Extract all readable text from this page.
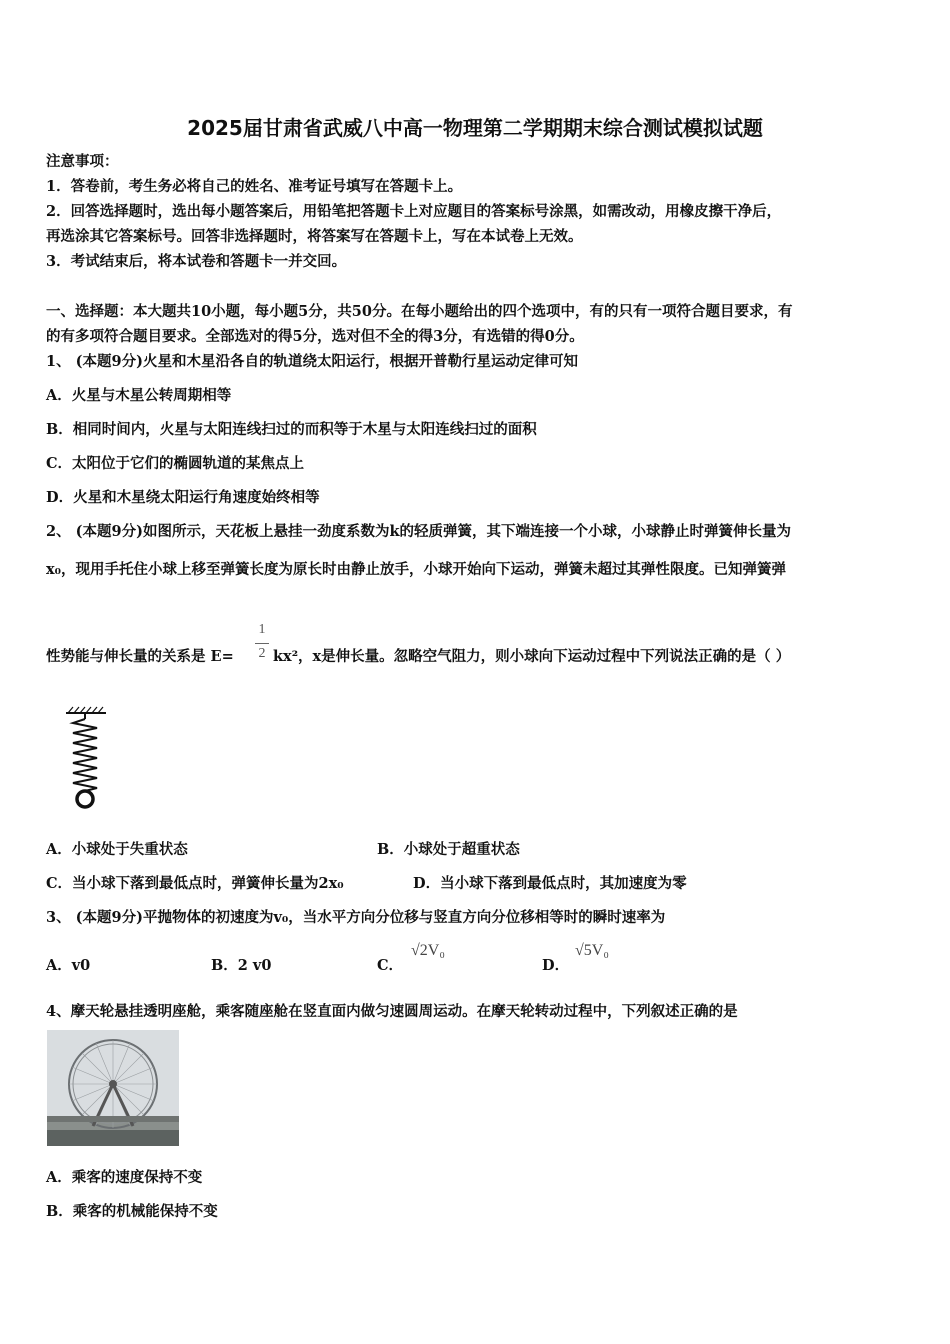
2025届甘肃省武威八中高一物理第二学期期末综合测试模拟试题
注意事项：
1．答卷前，考生务必将自己的姓名、准考证号填写在答题卡上。
2．回答选择题时，选出每小题答案后，用铅笔把答题卡上对应题目的答案标号涂黑，如需改动，用橡皮擦干净后，
再选涂其它答案标号。回答非选择题时，将答案写在答题卡上，写在本试卷上无效。
3．考试结束后，将本试卷和答题卡一并交回。
一、选择题：本大题共10小题，每小题5分，共50分。在每小题给出的四个选项中，有的只有一项符合题目要求，有
的有多项符合题目要求。全部选对的得5分，选对但不全的得3分，有选错的得0分。
1、 (本题9分)火星和木星沿各自的轨道绕太阳运行，根据开普勒行星运动定律可知
A．火星与木星公转周期相等
B．相同时间内，火星与太阳连线扫过的而积等于木星与太阳连线扫过的面积
C．太阳位于它们的椭圆轨道的某焦点上
D．火星和木星绕太阳运行角速度始终相等
2、 (本题9分)如图所示，天花板上悬挂一劲度系数为k的轻质弹簧，其下端连接一个小球，小球静止时弹簧伸长量为
x₀，现用手托住小球上移至弹簧长度为原长时由静止放手，小球开始向下运动，弹簧未超过其弹性限度。已知弹簧弹
性势能与伸长量的关系是 E=
1
2 kx²，x是伸长量。忽略空气阻力，则小球向下运动过程中下列说法正确的是（ ）
A．小球处于失重状态	B．小球处于超重状态
C．当小球下落到最低点时，弹簧伸长量为2x₀	D．当小球下落到最低点时，其加速度为零
3、 (本题9分)平抛物体的初速度为v₀，当水平方向分位移与竖直方向分位移相等时的瞬时速率为
A．v0	B．2 v0	C．
√2V₀
D．
√5V₀
4、摩天轮悬挂透明座舱，乘客随座舱在竖直面内做匀速圆周运动。在摩天轮转动过程中，下列叙述正确的是
A．乘客的速度保持不变
B．乘客的机械能保持不变
